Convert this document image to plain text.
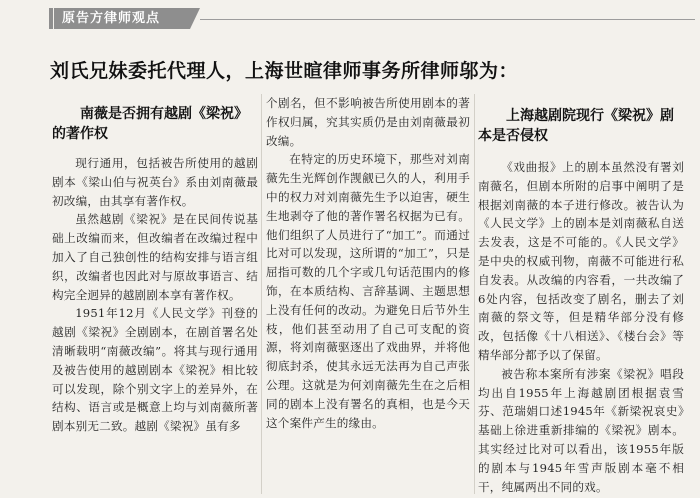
原告方律师观点
刘氏兄妹委托代理人，上海世暄律师事务所律师邬为：
南薇是否拥有越剧《梁祝》的著作权

现行通用，包括被告所使用的越剧剧本《梁山伯与祝英台》系由刘南薇最初改编，由其享有著作权。

虽然越剧《梁祝》是在民间传说基础上改编而来，但改编者在改编过程中加入了自己独创性的结构安排与语言组织，改编者也因此对与原故事语言、结构完全迥异的越剧剧本享有著作权。

1951年12月《人民文学》刊登的越剧《梁祝》全剧剧本，在剧首署名处清晰载明“南薇改编”。将其与现行通用及被告使用的越剧剧本《梁祝》相比较可以发现，除个别文字上的差异外，在结构、语言或是概意上均与刘南薇所著剧本别无二致。越剧《梁祝》虽有多

个剧名，但不影响被告所使用剧本的著作权归属，究其实质仍是由刘南薇最初改编。

在特定的历史环境下，那些对刘南薇先生光辉创作觊觎已久的人，利用手中的权力对刘南薇先生予以迫害，硬生生地剥夺了他的著作署名权据为已有。他们组织了人员进行了“加工”。而通过比对可以发现，这所谓的“加工”，只是屈指可数的几个字或几句话范围内的修饰，在本质结构、言辞基调、主题思想上没有任何的改动。为避免日后节外生枝，他们甚至动用了自己可支配的资源，将刘南薇驱逐出了戏曲界，并将他彻底封杀，使其永远无法再为自己声张公理。这就是为何刘南薇先生在之后相同的剧本上没有署名的真相，也是今天这个案件产生的缘由。

上海越剧院现行《梁祝》剧本是否侵权

《戏曲报》上的剧本虽然没有署刘南薇名，但剧本所附的启事中阐明了是根据刘南薇的本子进行修改。被告认为《人民文学》上的剧本是刘南薇私自送去发表，这是不可能的。《人民文学》是中央的权威刊物，南薇不可能进行私自发表。从改编的内容看，一共改编了6处内容，包括改变了剧名，删去了刘南薇的祭文等，但是精华部分没有修改，包括像《十八相送》、《楼台会》等精华部分都予以了保留。

被告称本案所有涉案《梁祝》唱段均出自1955年上海越剧团根据袁雪芬、范瑞娟口述1945年《新梁祝哀史》基础上徐进重新排编的《梁祝》剧本。其实经过比对可以看出，该1955年版的剧本与1945年雪声版剧本毫不相干，纯属两出不同的戏。
